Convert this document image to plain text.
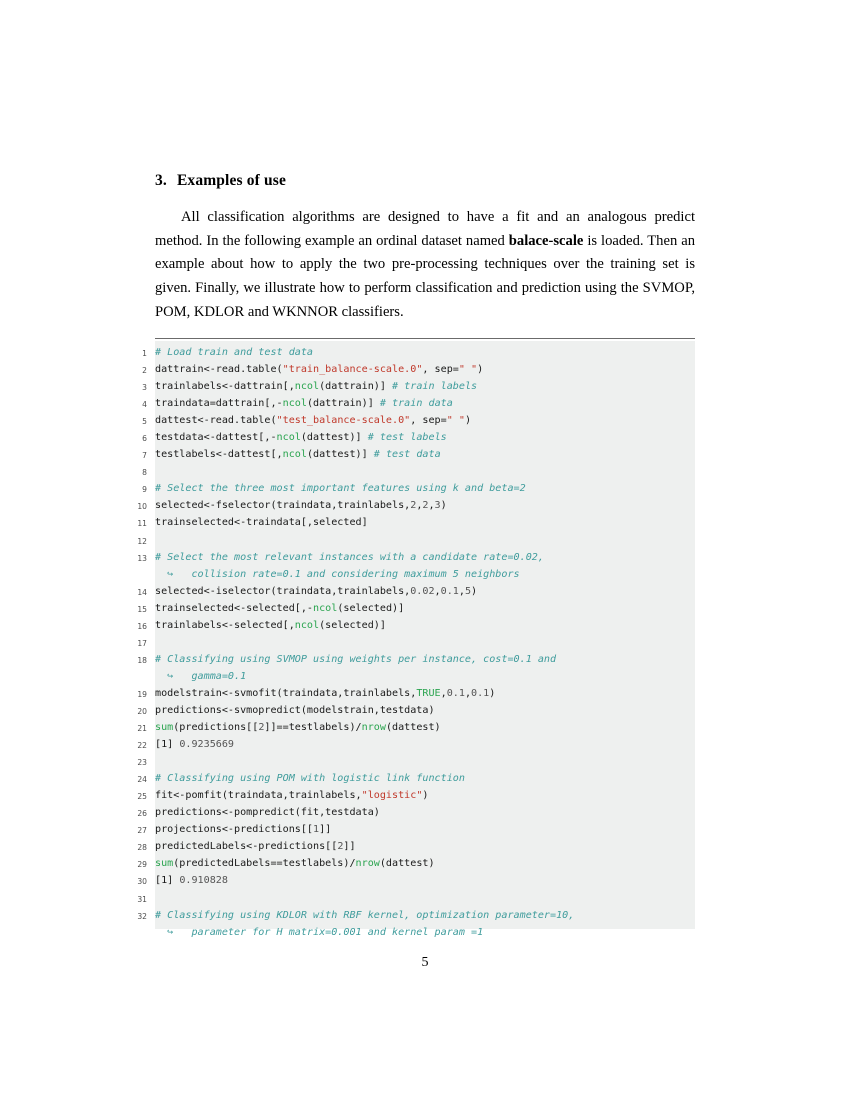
3. Examples of use

All classification algorithms are designed to have a fit and an analogous predict method. In the following example an ordinal dataset named balace-scale is loaded. Then an example about how to apply the two pre-processing techniques over the training set is given. Finally, we illustrate how to perform classification and prediction using the SVMOP, POM, KDLOR and WKNNOR classifiers.

1 # Load train and test data
2 dattrain<-read.table("train_balance-scale.0", sep=" ")
3 trainlabels<-dattrain[,ncol(dattrain)] # train labels
4 traindata=dattrain[,-ncol(dattrain)] # train data
5 dattest<-read.table("test_balance-scale.0", sep=" ")
6 testdata<-dattest[,-ncol(dattest)] # test labels
7 testlabels<-dattest[,ncol(dattest)] # test data
8
9 # Select the three most important features using k and beta=2
10 selected<-fselector(traindata,trainlabels,2,2,3)
11 trainselected<-traindata[,selected]
12
13 # Select the most relevant instances with a candidate rate=0.02,
↪   collision rate=0.1 and considering maximum 5 neighbors
14 selected<-iselector(traindata,trainlabels,0.02,0.1,5)
15 trainselected<-selected[,-ncol(selected)]
16 trainlabels<-selected[,ncol(selected)]
17
18 # Classifying using SVMOP using weights per instance, cost=0.1 and
↪   gamma=0.1
19 modelstrain<-svmofit(traindata,trainlabels,TRUE,0.1,0.1)
20 predictions<-svmopredict(modelstrain,testdata)
21 sum(predictions[[2]]==testlabels)/nrow(dattest)
22 [1] 0.9235669
23
24 # Classifying using POM with logistic link function
25 fit<-pomfit(traindata,trainlabels,"logistic")
26 predictions<-pompredict(fit,testdata)
27 projections<-predictions[[1]]
28 predictedLabels<-predictions[[2]]
29 sum(predictedLabels==testlabels)/nrow(dattest)
30 [1] 0.910828
31
32 # Classifying using KDLOR with RBF kernel, optimization parameter=10,
↪   parameter for H matrix=0.001 and kernel param =1
5
